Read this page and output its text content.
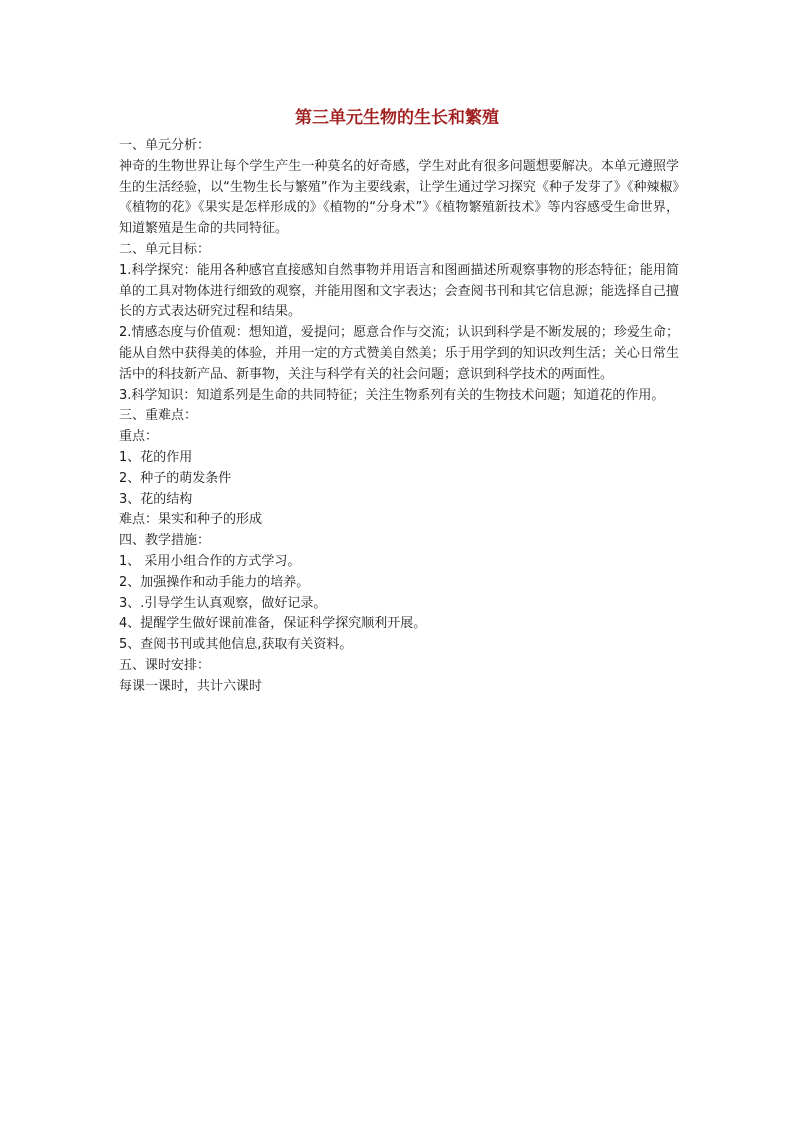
第三单元生物的生长和繁殖

一、单元分析：

神奇的生物世界让每个学生产生一种莫名的好奇感，学生对此有很多问题想要解决。本单元遵照学生的生活经验，以“生物生长与繁殖”作为主要线索，让学生通过学习探究《种子发芽了》《种辣椒》《植物的花》《果实是怎样形成的》《植物的“分身术”》《植物繁殖新技术》等内容感受生命世界，知道繁殖是生命的共同特征。

二、单元目标：

1.科学探究：能用各种感官直接感知自然事物并用语言和图画描述所观察事物的形态特征；能用简单的工具对物体进行细致的观察，并能用图和文字表达；会查阅书刊和其它信息源；能选择自己擅长的方式表达研究过程和结果。

2.情感态度与价值观：想知道，爱提问；愿意合作与交流；认识到科学是不断发展的；珍爱生命；能从自然中获得美的体验，并用一定的方式赞美自然美；乐于用学到的知识改判生活；关心日常生活中的科技新产品、新事物，关注与科学有关的社会问题；意识到科学技术的两面性。

3.科学知识：知道系列是生命的共同特征；关注生物系列有关的生物技术问题；知道花的作用。

三、重难点：

重点：

1、花的作用

2、种子的萌发条件

3、花的结构

难点：果实和种子的形成

四、教学措施：

1、 采用小组合作的方式学习。

2、加强操作和动手能力的培养。

3、.引导学生认真观察，做好记录。

4、提醒学生做好课前准备，保证科学探究顺利开展。

5、查阅书刊或其他信息,获取有关资料。

五、课时安排：

每课一课时，共计六课时
